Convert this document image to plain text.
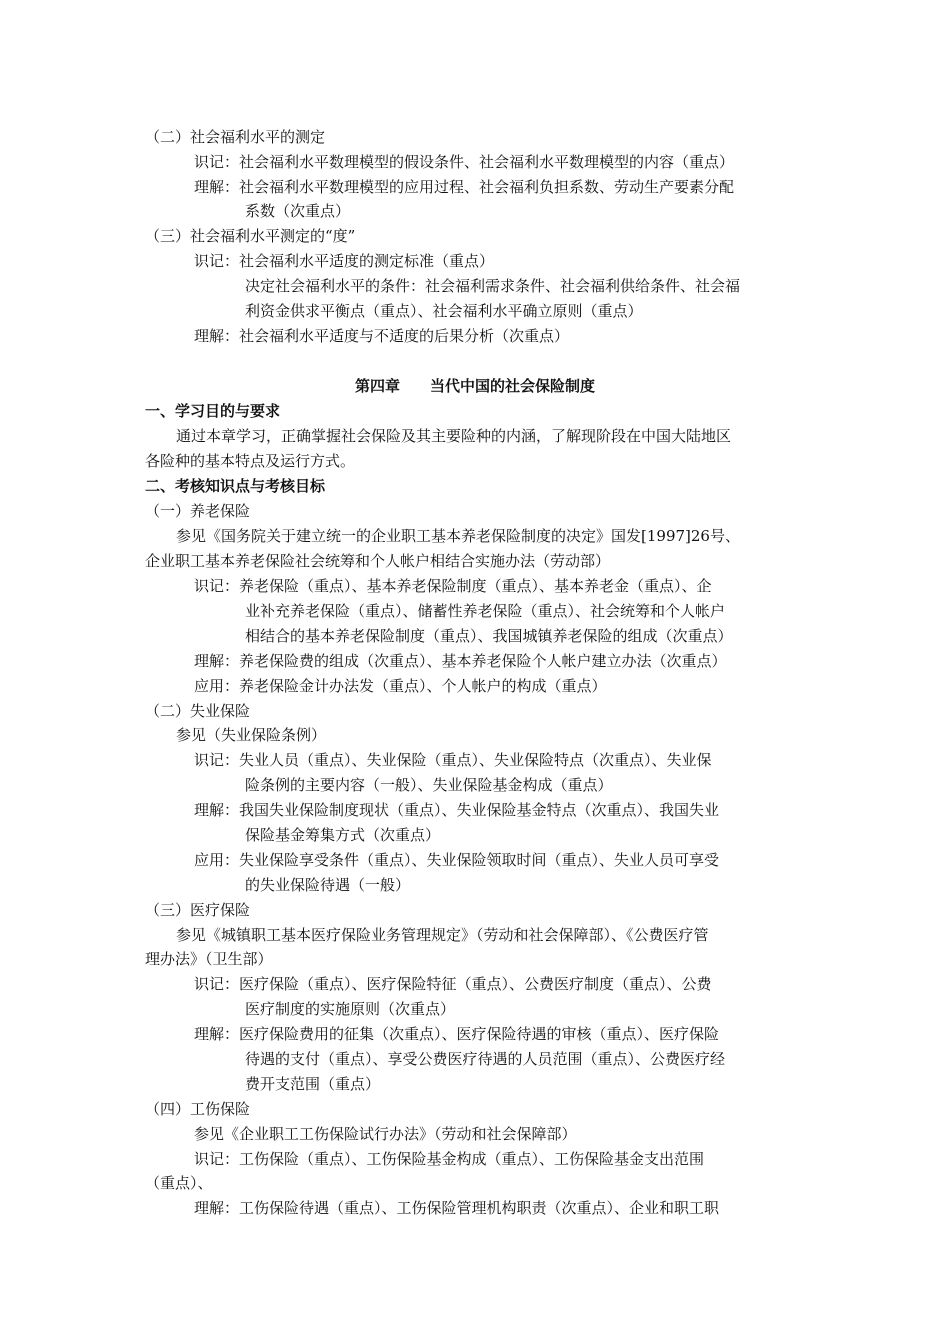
（二）社会福利水平的测定
识记：社会福利水平数理模型的假设条件、社会福利水平数理模型的内容（重点）
理解：社会福利水平数理模型的应用过程、社会福利负担系数、劳动生产要素分配
系数（次重点）
（三）社会福利水平测定的“度”
识记：社会福利水平适度的测定标准（重点）
决定社会福利水平的条件：社会福利需求条件、社会福利供给条件、社会福
利资金供求平衡点（重点）、社会福利水平确立原则（重点）
理解：社会福利水平适度与不适度的后果分析（次重点）
第四章　　当代中国的社会保险制度
一、学习目的与要求
通过本章学习，正确掌握社会保险及其主要险种的内涵，了解现阶段在中国大陆地区
各险种的基本特点及运行方式。
二、考核知识点与考核目标
（一）养老保险
参见《国务院关于建立统一的企业职工基本养老保险制度的决定》国发[1997]26号、
企业职工基本养老保险社会统筹和个人帐户相结合实施办法（劳动部）
识记：养老保险（重点）、基本养老保险制度（重点）、基本养老金（重点）、企
业补充养老保险（重点）、储蓄性养老保险（重点）、社会统筹和个人帐户
相结合的基本养老保险制度（重点）、我国城镇养老保险的组成（次重点）
理解：养老保险费的组成（次重点）、基本养老保险个人帐户建立办法（次重点）
应用：养老保险金计办法发（重点）、个人帐户的构成（重点）
（二）失业保险
参见（失业保险条例）
识记：失业人员（重点）、失业保险（重点）、失业保险特点（次重点）、失业保
险条例的主要内容（一般）、失业保险基金构成（重点）
理解：我国失业保险制度现状（重点）、失业保险基金特点（次重点）、我国失业
保险基金筹集方式（次重点）
应用：失业保险享受条件（重点）、失业保险领取时间（重点）、失业人员可享受
的失业保险待遇（一般）
（三）医疗保险
参见《城镇职工基本医疗保险业务管理规定》（劳动和社会保障部）、《公费医疗管
理办法》（卫生部）
识记：医疗保险（重点）、医疗保险特征（重点）、公费医疗制度（重点）、公费
医疗制度的实施原则（次重点）
理解：医疗保险费用的征集（次重点）、医疗保险待遇的审核（重点）、医疗保险
待遇的支付（重点）、享受公费医疗待遇的人员范围（重点）、公费医疗经
费开支范围（重点）
（四）工伤保险
参见《企业职工工伤保险试行办法》（劳动和社会保障部）
识记：工伤保险（重点）、工伤保险基金构成（重点）、工伤保险基金支出范围
（重点）、
理解：工伤保险待遇（重点）、工伤保险管理机构职责（次重点）、企业和职工职
